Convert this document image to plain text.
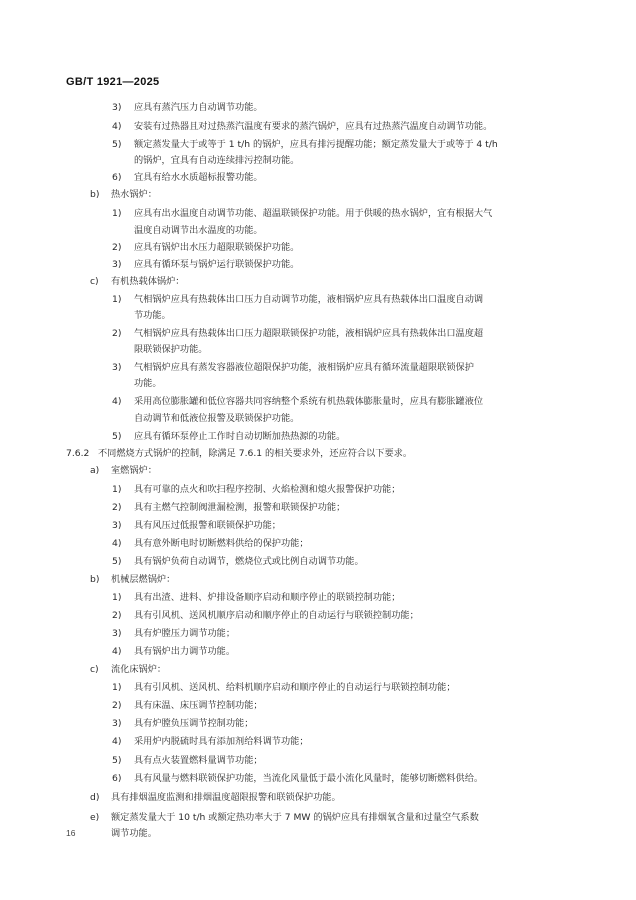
GB/T 1921—2025
3) 应具有蒸汽压力自动调节功能。
4) 安装有过热器且对过热蒸汽温度有要求的蒸汽锅炉，应具有过热蒸汽温度自动调节功能。
5) 额定蒸发量大于或等于 1 t/h 的锅炉，应具有排污提醒功能；额定蒸发量大于或等于 4 t/h
的锅炉，宜具有自动连续排污控制功能。
6) 宜具有给水水质超标报警功能。
b) 热水锅炉：
1) 应具有出水温度自动调节功能、超温联锁保护功能。用于供暖的热水锅炉，宜有根据大气
温度自动调节出水温度的功能。
2) 应具有锅炉出水压力超限联锁保护功能。
3) 应具有循环泵与锅炉运行联锁保护功能。
c) 有机热载体锅炉：
1) 气相锅炉应具有热载体出口压力自动调节功能，液相锅炉应具有热载体出口温度自动调
节功能。
2) 气相锅炉应具有热载体出口压力超限联锁保护功能，液相锅炉应具有热载体出口温度超
限联锁保护功能。
3) 气相锅炉应具有蒸发容器液位超限保护功能，液相锅炉应具有循环流量超限联锁保护
功能。
4) 采用高位膨胀罐和低位容器共同容纳整个系统有机热载体膨胀量时，应具有膨胀罐液位
自动调节和低液位报警及联锁保护功能。
5) 应具有循环泵停止工作时自动切断加热热源的功能。
7.6.2 不同燃烧方式锅炉的控制，除满足 7.6.1 的相关要求外，还应符合以下要求。
a) 室燃锅炉：
1) 具有可靠的点火和吹扫程序控制、火焰检测和熄火报警保护功能；
2) 具有主燃气控制阀泄漏检测，报警和联锁保护功能；
3) 具有风压过低报警和联锁保护功能；
4) 具有意外断电时切断燃料供给的保护功能；
5) 具有锅炉负荷自动调节，燃烧位式或比例自动调节功能。
b) 机械层燃锅炉：
1) 具有出渣、进料、炉排设备顺序启动和顺序停止的联锁控制功能；
2) 具有引风机、送风机顺序启动和顺序停止的自动运行与联锁控制功能；
3) 具有炉膛压力调节功能；
4) 具有锅炉出力调节功能。
c) 流化床锅炉：
1) 具有引风机、送风机、给料机顺序启动和顺序停止的自动运行与联锁控制功能；
2) 具有床温、床压调节控制功能；
3) 具有炉膛负压调节控制功能；
4) 采用炉内脱硫时具有添加剂给料调节功能；
5) 具有点火装置燃料量调节功能；
6) 具有风量与燃料联锁保护功能，当流化风量低于最小流化风量时，能够切断燃料供给。
d) 具有排烟温度监测和排烟温度超限报警和联锁保护功能。
e) 额定蒸发量大于 10 t/h 或额定热功率大于 7 MW 的锅炉应具有排烟氧含量和过量空气系数
调节功能。
16
